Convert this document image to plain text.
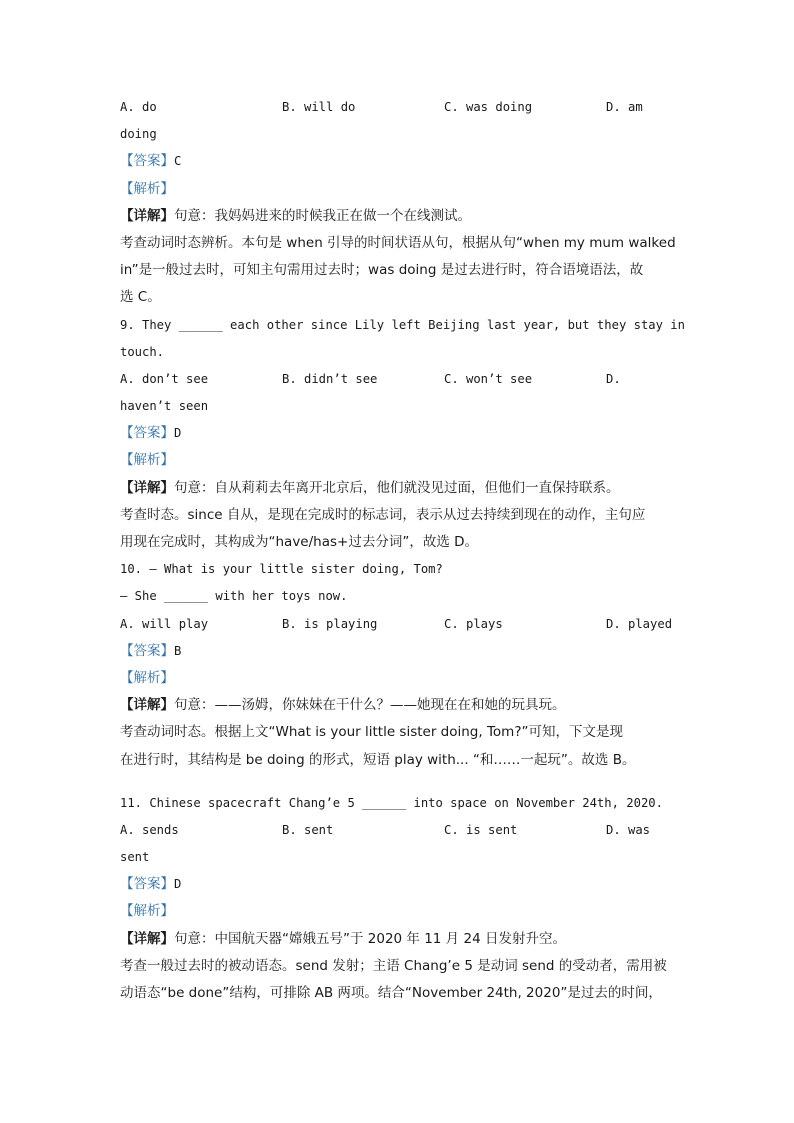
A. do	B. will do	C. was doing	D. am
doing
【答案】C
【解析】
【详解】句意：我妈妈进来的时候我正在做一个在线测试。
考查动词时态辨析。本句是 when 引导的时间状语从句，根据从句“when my mum walked
in”是一般过去时，可知主句需用过去时；was doing 是过去进行时，符合语境语法，故
选 C。
9. They ______ each other since Lily left Beijing last year, but they stay in
touch.
A. don’t see	B. didn’t see	C. won’t see	D.
haven’t seen
【答案】D
【解析】
【详解】句意：自从莉莉去年离开北京后，他们就没见过面，但他们一直保持联系。
考查时态。since 自从，是现在完成时的标志词，表示从过去持续到现在的动作，主句应
用现在完成时，其构成为“have/has+过去分词”，故选 D。
10. — What is your little sister doing, Tom?
— She ______ with her toys now.
A. will play	B. is playing	C. plays	D. played
【答案】B
【解析】
【详解】句意：——汤姆，你妹妹在干什么？——她现在在和她的玩具玩。
考查动词时态。根据上文“What is your little sister doing, Tom?”可知，下文是现
在进行时，其结构是 be doing 的形式，短语 play with... “和……一起玩”。故选 B。
11. Chinese spacecraft Chang’e 5 ______ into space on November 24th, 2020.
A. sends	B. sent	C. is sent	D. was
sent
【答案】D
【解析】
【详解】句意：中国航天器“嫦娥五号”于 2020 年 11 月 24 日发射升空。
考查一般过去时的被动语态。send 发射；主语 Chang’e 5 是动词 send 的受动者，需用被
动语态“be done”结构，可排除 AB 两项。结合“November 24th, 2020”是过去的时间，
